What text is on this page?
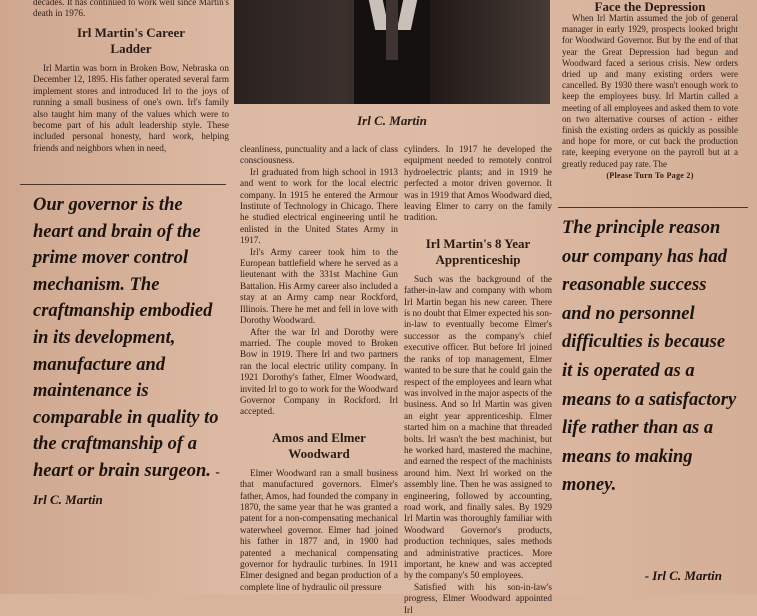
decades. It has continued to work well since Martin's death in 1976.
Irl Martin's Career Ladder

Irl Martin was born in Broken Bow, Nebraska on December 12, 1895. His father operated several farm implement stores and introduced Irl to the joys of running a small business of one's own. Irl's family also taught him many of the values which were to become part of his adult leadership style. These included personal honesty, hard work, helping friends and neighbors when in need,

Our governor is the heart and brain of the prime mover control mechanism. The craftmanship embodied in its development, manufacture and maintenance is comparable in quality to the craftmanship of a heart or brain surgeon. - Irl C. Martin
Irl C. Martin

cleanliness, punctuality and a lack of class consciousness.

Irl graduated from high school in 1913 and went to work for the local electric company. In 1915 he entered the Armour Institute of Technology in Chicago. There he studied electrical engineering until he enlisted in the United States Army in 1917.

Irl's Army career took him to the European battlefield where he served as a lieutenant with the 331st Machine Gun Battalion. His Army career also included a stay at an Army camp near Rockford, Illinois. There he met and fell in love with Dorothy Woodward.

After the war Irl and Dorothy were married. The couple moved to Broken Bow in 1919. There Irl and two partners ran the local electric utility company. In 1921 Dorothy's father, Elmer Woodward, invited Irl to go to work for the Woodward Governor Company in Rockford. Irl accepted.

Amos and Elmer Woodward

Elmer Woodward ran a small business that manufactured governors. Elmer's father, Amos, had founded the company in 1870, the same year that he was granted a patent for a non-compensating mechanical waterwheel governor. Elmer had joined his father in 1877 and, in 1900 had patented a mechanical compensating governor for hydraulic turbines. In 1911 Elmer designed and began production of a complete line of hydraulic oil pressure

cylinders. In 1917 he developed the equipment needed to remotely control hydroelectric plants; and in 1919 he perfected a motor driven governor. It was in 1919 that Amos Woodward died, leaving Elmer to carry on the family tradition.

Irl Martin's 8 Year Apprenticeship

Such was the background of the father-in-law and company with whom Irl Martin began his new career. There is no doubt that Elmer expected his son-in-law to eventually become Elmer's successor as the company's chief executive officer. But before Irl joined the ranks of top management, Elmer wanted to be sure that he could gain the respect of the employees and learn what was involved in the major aspects of the business. And so Irl Martin was given an eight year apprenticeship. Elmer started him on a machine that threaded bolts. Irl wasn't the best machinist, but he worked hard, mastered the machine, and earned the respect of the machinists around him. Next Irl worked on the assembly line. Then he was assigned to engineering, followed by accounting, road work, and finally sales. By 1929 Irl Martin was thoroughly familiar with Woodward Governor's products, production techniques, sales methods and administrative practices. More important, he knew and was accepted by the company's 50 employees.

Satisfied with his son-in-law's progress, Elmer Woodward appointed Irl

Face the Depression

When Irl Martin assumed the job of general manager in early 1929, prospects looked bright for Woodward Governor. But by the end of that year the Great Depression had begun and Woodward faced a serious crisis. New orders dried up and many existing orders were cancelled. By 1930 there wasn't enough work to keep the employees busy. Irl Martin called a meeting of all employees and asked them to vote on two alternative courses of action - either finish the existing orders as quickly as possible and hope for more, or cut back the production rate, keeping everyone on the payroll but at a greatly reduced pay rate. The

(Please Turn To Page 2)
The principle reason our company has had reasonable success and no personnel difficulties is because it is operated as a means to a satisfactory life rather than as a means to making money.
- Irl C. Martin
